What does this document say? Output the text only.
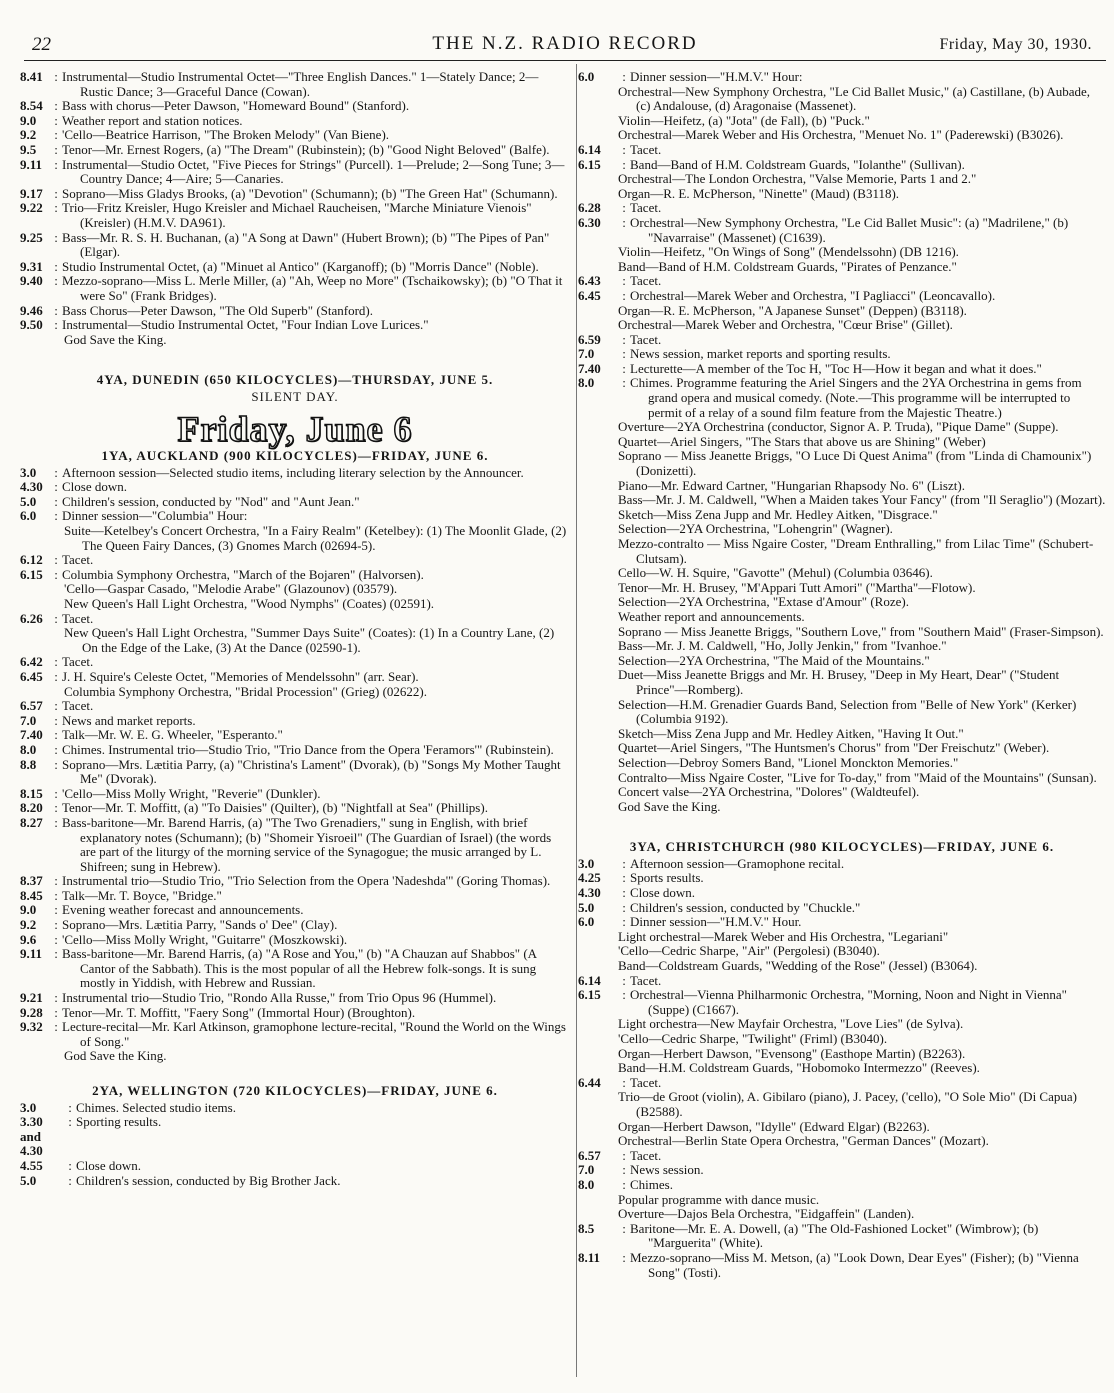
22	THE N.Z. RADIO RECORD	Friday, May 30, 1930.
8.41 : Instrumental—Studio Instrumental Octet—"Three English Dances." 1—Stately Dance; 2—Rustic Dance; 3—Graceful Dance (Cowan).
8.54 : Bass with chorus—Peter Dawson, "Homeward Bound" (Stanford).
9.0	: Weather report and station notices.
9.2	: 'Cello—Beatrice Harrison, "The Broken Melody" (Van Biene).
9.5	: Tenor—Mr. Ernest Rogers, (a) "The Dream" (Rubinstein); (b) "Good Night Beloved" (Balfe).
9.11 : Instrumental—Studio Octet, "Five Pieces for Strings" (Purcell). 1—Prelude; 2—Song Tune; 3—Country Dance; 4—Aire; 5—Canaries.
9.17 : Soprano—Miss Gladys Brooks, (a) "Devotion" (Schumann); (b) "The Green Hat" (Schumann).
9.22 : Trio—Fritz Kreisler, Hugo Kreisler and Michael Raucheisen, "Marche Miniature Vienois" (Kreisler) (H.M.V. DA961).
9.25 : Bass—Mr. R. S. H. Buchanan, (a) "A Song at Dawn" (Hubert Brown); (b) "The Pipes of Pan" (Elgar).
9.31 : Studio Instrumental Octet, (a) "Minuet al Antico" (Karganoff); (b) "Morris Dance" (Noble).
9.40 : Mezzo-soprano—Miss L. Merle Miller, (a) "Ah, Weep no More" (Tschaikowsky); (b) "O That it were So" (Frank Bridges).
9.46 : Bass Chorus—Peter Dawson, "The Old Superb" (Stanford).
9.50 : Instrumental—Studio Instrumental Octet, "Four Indian Love Lurices."
God Save the King.
4YA, DUNEDIN (650 KILOCYCLES)—THURSDAY, JUNE 5.
SILENT DAY.
Friday, June 6
1YA, AUCKLAND (900 KILOCYCLES)—FRIDAY, JUNE 6.
3.0	: Afternoon session—Selected studio items, including literary selection by the Announcer.
4.30 : Close down.
5.0	: Children's session, conducted by "Nod" and "Aunt Jean."
6.0	: Dinner session—"Columbia" Hour:
Suite—Ketelbey's Concert Orchestra, "In a Fairy Realm" (Ketelbey): (1) The Moonlit Glade, (2) The Queen Fairy Dances, (3) Gnomes March (02694-5).
6.12 : Tacet.
6.15 : Columbia Symphony Orchestra, "March of the Bojaren" (Halvorsen).
'Cello—Gaspar Casado, "Melodie Arabe" (Glazounov) (03579).
New Queen's Hall Light Orchestra, "Wood Nymphs" (Coates) (02591).
6.26 : Tacet.
New Queen's Hall Light Orchestra, "Summer Days Suite" (Coates): (1) In a Country Lane, (2) On the Edge of the Lake, (3) At the Dance (02590-1).
6.42 : Tacet.
6.45 : J. H. Squire's Celeste Octet, "Memories of Mendelssohn" (arr. Sear).
Columbia Symphony Orchestra, "Bridal Procession" (Grieg) (02622).
6.57 : Tacet.
7.0	: News and market reports.
7.40 : Talk—Mr. W. E. G. Wheeler, "Esperanto."
8.0	: Chimes. Instrumental trio—Studio Trio, "Trio Dance from the Opera 'Feramors'" (Rubinstein).
8.8	: Soprano—Mrs. Lætitia Parry, (a) "Christina's Lament" (Dvorak), (b) "Songs My Mother Taught Me" (Dvorak).
8.15 : 'Cello—Miss Molly Wright, "Reverie" (Dunkler).
8.20 : Tenor—Mr. T. Moffitt, (a) "To Daisies" (Quilter), (b) "Nightfall at Sea" (Phillips).
8.27 : Bass-baritone—Mr. Barend Harris, (a) "The Two Grenadiers," sung in English, with brief explanatory notes (Schumann); (b) "Shomeir Yisroeil" (The Guardian of Israel) (the words are part of the liturgy of the morning service of the Synagogue; the music arranged by L. Shifreen; sung in Hebrew).
8.37 : Instrumental trio—Studio Trio, "Trio Selection from the Opera 'Nadeshda'" (Goring Thomas).
8.45 : Talk—Mr. T. Boyce, "Bridge."
9.0	: Evening weather forecast and announcements.
9.2	: Soprano—Mrs. Lætitia Parry, "Sands o' Dee" (Clay).
9.6	: 'Cello—Miss Molly Wright, "Guitarre" (Moszkowski).
9.11 : Bass-baritone—Mr. Barend Harris, (a) "A Rose and You," (b) "A Chauzan auf Shabbos" (A Cantor of the Sabbath). This is the most popular of all the Hebrew folk-songs. It is sung mostly in Yiddish, with Hebrew and Russian.
9.21 : Instrumental trio—Studio Trio, "Rondo Alla Russe," from Trio Opus 96 (Hummel).
9.28 : Tenor—Mr. T. Moffitt, "Faery Song" (Immortal Hour) (Broughton).
9.32 : Lecture-recital—Mr. Karl Atkinson, gramophone lecture-recital, "Round the World on the Wings of Song."
God Save the King.
2YA, WELLINGTON (720 KILOCYCLES)—FRIDAY, JUNE 6.
3.0	: Chimes. Selected studio items.
3.30 and 4.30
: Sporting results.
4.55	: Close down.
5.0	: Children's session, conducted by Big Brother Jack.
6.0	: Dinner session—"H.M.V." Hour:
Orchestral—New Symphony Orchestra, "Le Cid Ballet Music," (a) Castillane, (b) Aubade, (c) Andalouse, (d) Aragonaise (Massenet).
Violin—Heifetz, (a) "Jota" (de Fall), (b) "Puck."
Orchestral—Marek Weber and His Orchestra, "Menuet No. 1" (Paderewski) (B3026).
6.14	: Tacet.
6.15	: Band—Band of H.M. Coldstream Guards, "Iolanthe" (Sullivan).
Orchestral—The London Orchestra, "Valse Memorie, Parts 1 and 2."
Organ—R. E. McPherson, "Ninette" (Maud) (B3118).
6.28	: Tacet.
6.30	: Orchestral—New Symphony Orchestra, "Le Cid Ballet Music": (a) "Madrilene," (b) "Navarraise" (Massenet) (C1639).
Violin—Heifetz, "On Wings of Song" (Mendelssohn) (DB 1216).
Band—Band of H.M. Coldstream Guards, "Pirates of Penzance."
6.43	: Tacet.
6.45	: Orchestral—Marek Weber and Orchestra, "I Pagliacci" (Leoncavallo).
Organ—R. E. McPherson, "A Japanese Sunset" (Deppen) (B3118).
Orchestral—Marek Weber and Orchestra, "Cœur Brise" (Gillet).
6.59	: Tacet.
7.0	: News session, market reports and sporting results.
7.40	: Lecturette—A member of the Toc H, "Toc H—How it began and what it does."
8.0	: Chimes. Programme featuring the Ariel Singers and the 2YA Orchestrina in gems from grand opera and musical comedy. (Note.—This programme will be interrupted to permit of a relay of a sound film feature from the Majestic Theatre.)
Overture—2YA Orchestrina (conductor, Signor A. P. Truda), "Pique Dame" (Suppe).
Quartet—Ariel Singers, "The Stars that above us are Shining" (Weber)
Soprano — Miss Jeanette Briggs, "O Luce Di Quest Anima" (from "Linda di Chamounix") (Donizetti).
Piano—Mr. Edward Cartner, "Hungarian Rhapsody No. 6" (Liszt).
Bass—Mr. J. M. Caldwell, "When a Maiden takes Your Fancy" (from "Il Seraglio") (Mozart).
Sketch—Miss Zena Jupp and Mr. Hedley Aitken, "Disgrace."
Selection—2YA Orchestrina, "Lohengrin" (Wagner).
Mezzo-contralto — Miss Ngaire Coster, "Dream Enthralling," from Lilac Time" (Schubert-Clutsam).
Cello—W. H. Squire, "Gavotte" (Mehul) (Columbia 03646).
Tenor—Mr. H. Brusey, "M'Appari Tutt Amori" ("Martha"—Flotow).
Selection—2YA Orchestrina, "Extase d'Amour" (Roze).
Weather report and announcements.
Soprano — Miss Jeanette Briggs, "Southern Love," from "Southern Maid" (Fraser-Simpson).
Bass—Mr. J. M. Caldwell, "Ho, Jolly Jenkin," from "Ivanhoe."
Selection—2YA Orchestrina, "The Maid of the Mountains."
Duet—Miss Jeanette Briggs and Mr. H. Brusey, "Deep in My Heart, Dear" ("Student Prince"—Romberg).
Selection—H.M. Grenadier Guards Band, Selection from "Belle of New York" (Kerker) (Columbia 9192).
Sketch—Miss Zena Jupp and Mr. Hedley Aitken, "Having It Out."
Quartet—Ariel Singers, "The Huntsmen's Chorus" from "Der Freischutz" (Weber).
Selection—Debroy Somers Band, "Lionel Monckton Memories."
Contralto—Miss Ngaire Coster, "Live for To-day," from "Maid of the Mountains" (Sunsan).
Concert valse—2YA Orchestrina, "Dolores" (Waldteufel).
God Save the King.
3YA, CHRISTCHURCH (980 KILOCYCLES)—FRIDAY, JUNE 6.
3.0	: Afternoon session—Gramophone recital.
4.25	: Sports results.
4.30	: Close down.
5.0	: Children's session, conducted by "Chuckle."
6.0	: Dinner session—"H.M.V." Hour.
Light orchestral—Marek Weber and His Orchestra, "Legariani"
'Cello—Cedric Sharpe, "Air" (Pergolesi) (B3040).
Band—Coldstream Guards, "Wedding of the Rose" (Jessel) (B3064).
6.14	: Tacet.
6.15	: Orchestral—Vienna Philharmonic Orchestra, "Morning, Noon and Night in Vienna" (Suppe) (C1667).
Light orchestra—New Mayfair Orchestra, "Love Lies" (de Sylva).
'Cello—Cedric Sharpe, "Twilight" (Friml) (B3040).
Organ—Herbert Dawson, "Evensong" (Easthope Martin) (B2263).
Band—H.M. Coldstream Guards, "Hobomoko Intermezzo" (Reeves).
6.44	: Tacet.
Trio—de Groot (violin), A. Gibilaro (piano), J. Pacey, ('cello), "O Sole Mio" (Di Capua) (B2588).
Organ—Herbert Dawson, "Idylle" (Edward Elgar) (B2263).
Orchestral—Berlin State Opera Orchestra, "German Dances" (Mozart).
6.57	: Tacet.
7.0	: News session.
8.0	: Chimes.
Popular programme with dance music.
Overture—Dajos Bela Orchestra, "Eidgaffein" (Landen).
8.5	: Baritone—Mr. E. A. Dowell, (a) "The Old-Fashioned Locket" (Wimbrow); (b) "Marguerita" (White).
8.11	: Mezzo-soprano—Miss M. Metson, (a) "Look Down, Dear Eyes" (Fisher); (b) "Vienna Song" (Tosti).
